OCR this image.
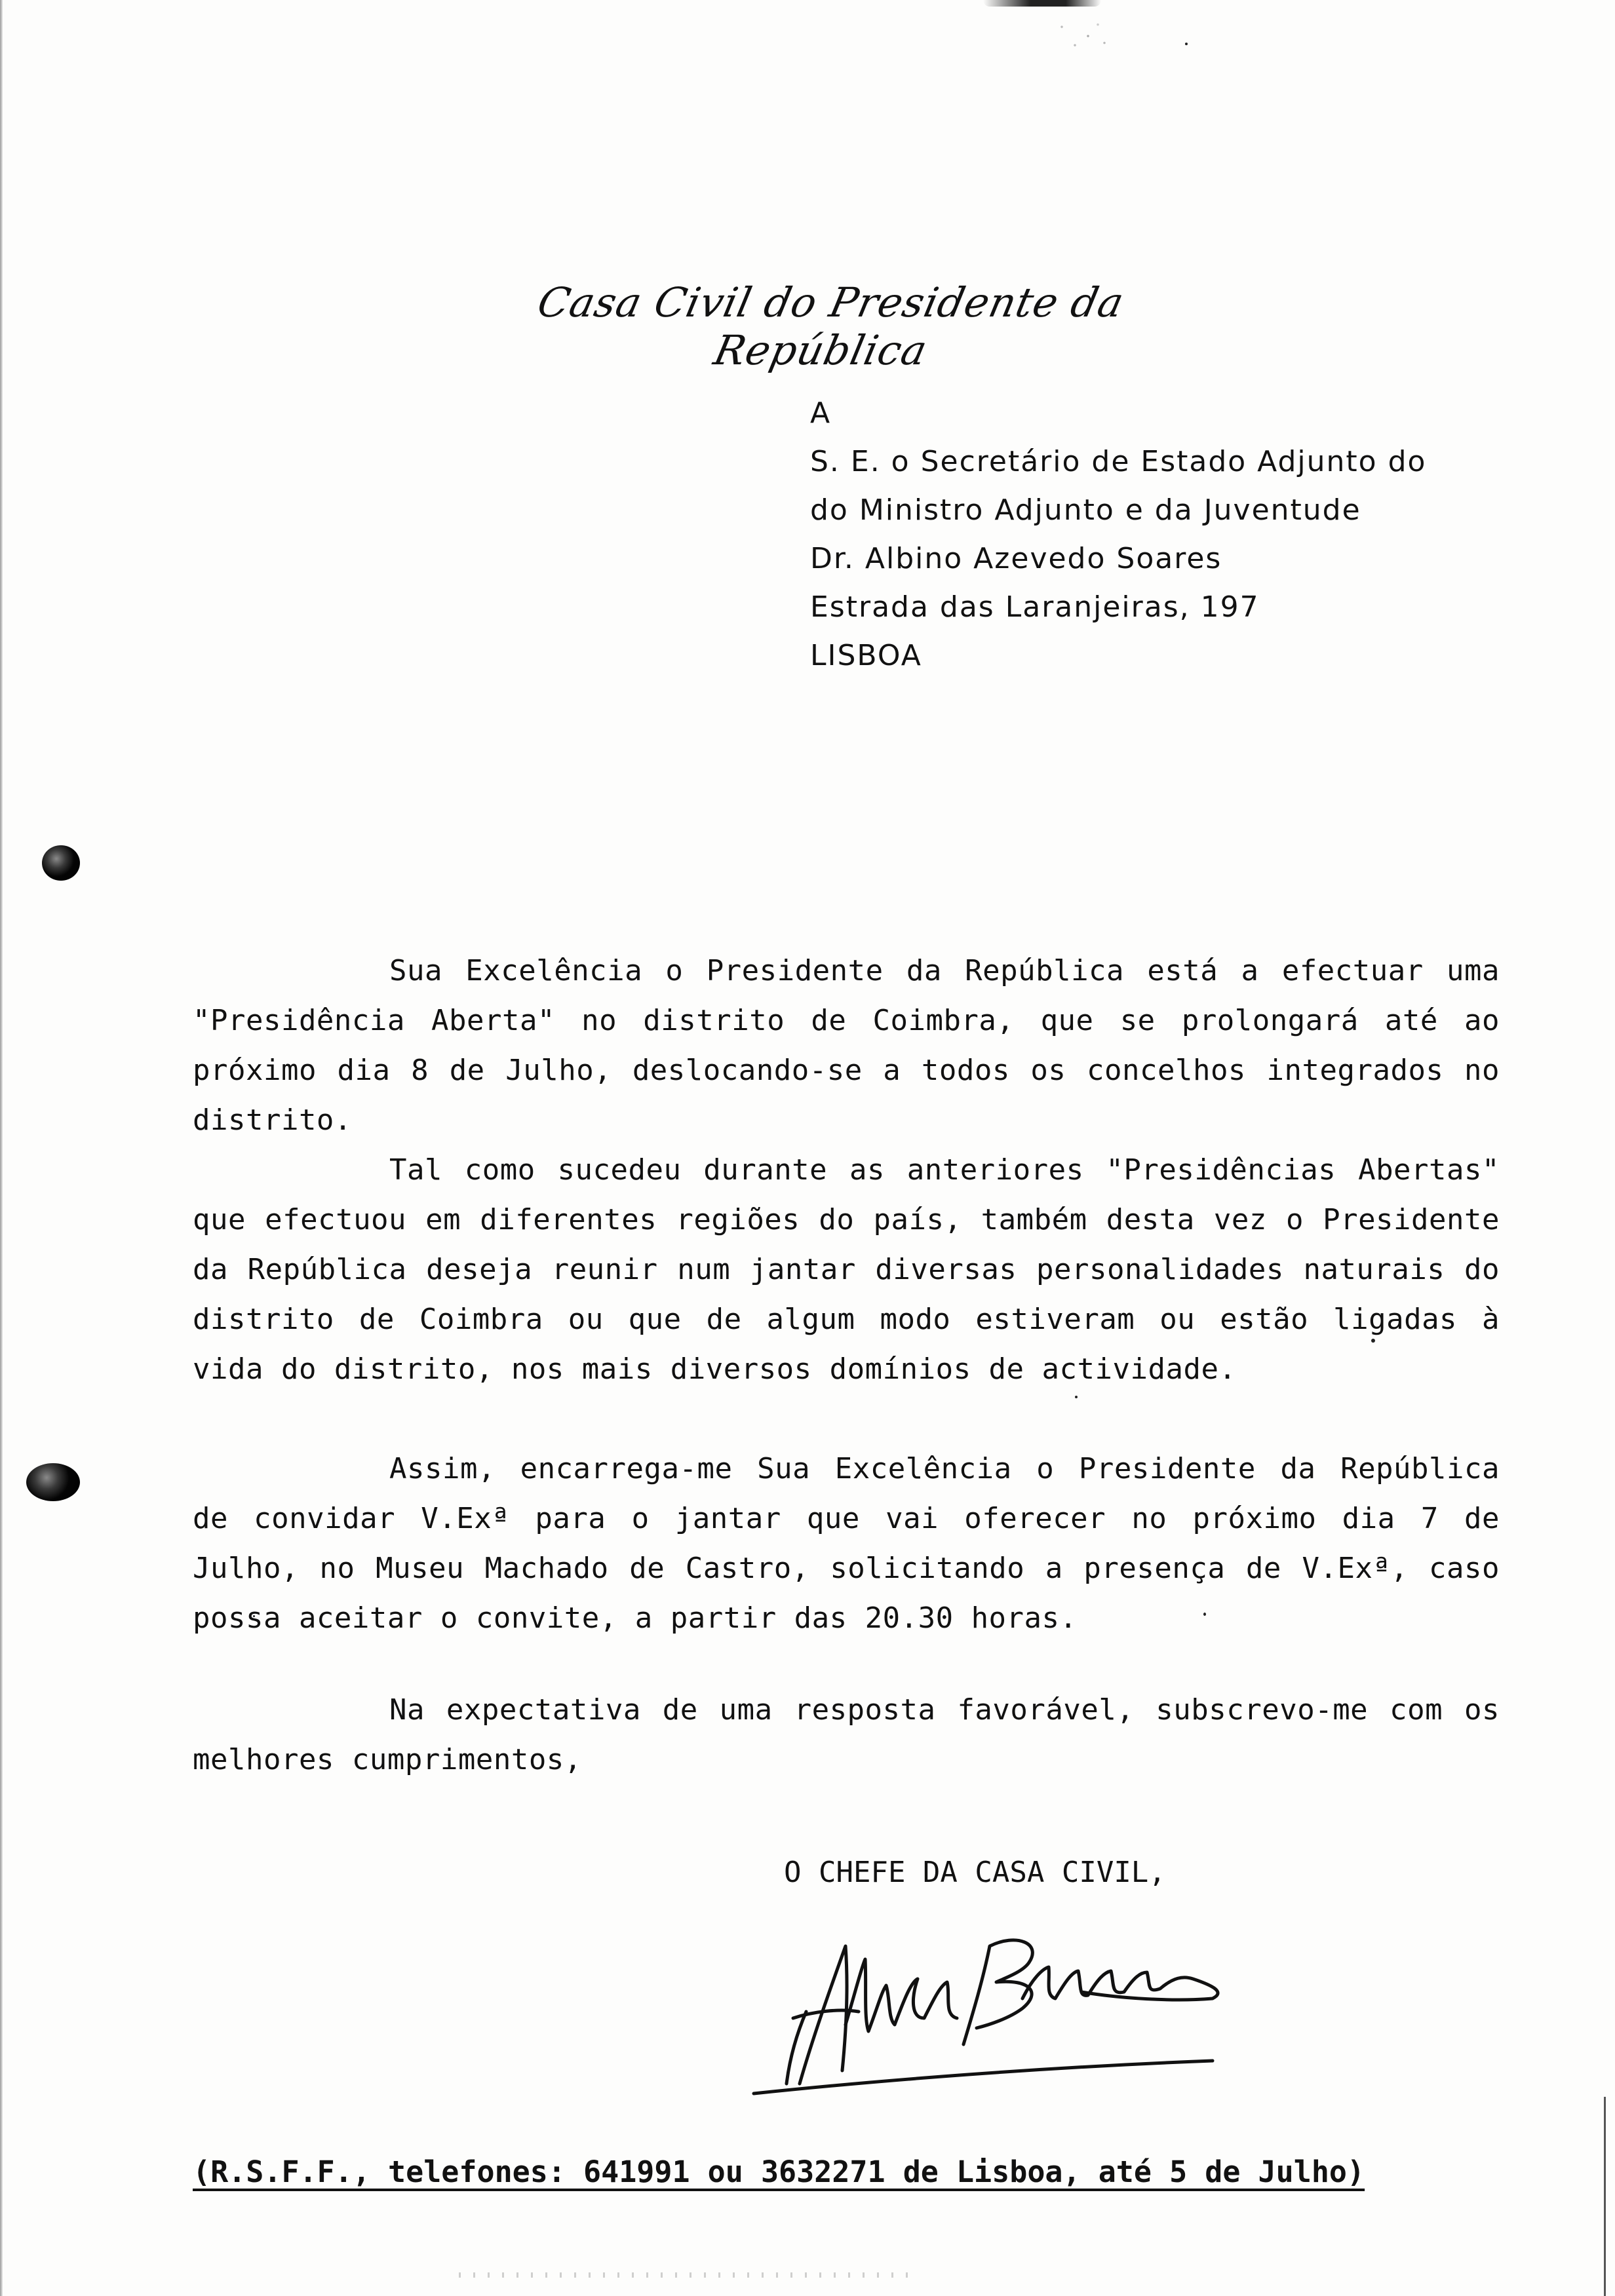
Casa Civil do Presidente da República
A
S. E. o Secretário de Estado Adjunto do
do Ministro Adjunto e da Juventude
Dr. Albino Azevedo Soares
Estrada das Laranjeiras, 197
LISBOA

Sua Excelência o Presidente da República está a efectuar uma "Presidência Aberta" no distrito de Coimbra, que se prolongará até ao próximo dia 8 de Julho, deslocando-se a todos os concelhos integrados no distrito.

Tal como sucedeu durante as anteriores "Presidências Abertas" que efectuou em diferentes regiões do país, também desta vez o Presidente da República deseja reunir num jantar diversas personalidades naturais do distrito de Coimbra ou que de algum modo estiveram ou estão ligadas à vida do distrito, nos mais diversos domínios de actividade.

Assim, encarrega-me Sua Excelência o Presidente da República de convidar V.Exª para o jantar que vai oferecer no próximo dia 7 de Julho, no Museu Machado de Castro, solicitando a presença de V.Exª, caso possa aceitar o convite, a partir das 20.30 horas.

Na expectativa de uma resposta favorável, subscrevo-me com os melhores cumprimentos,

O CHEFE DA CASA CIVIL,
(R.S.F.F., telefones: 641991 ou 3632271 de Lisboa, até 5 de Julho)
